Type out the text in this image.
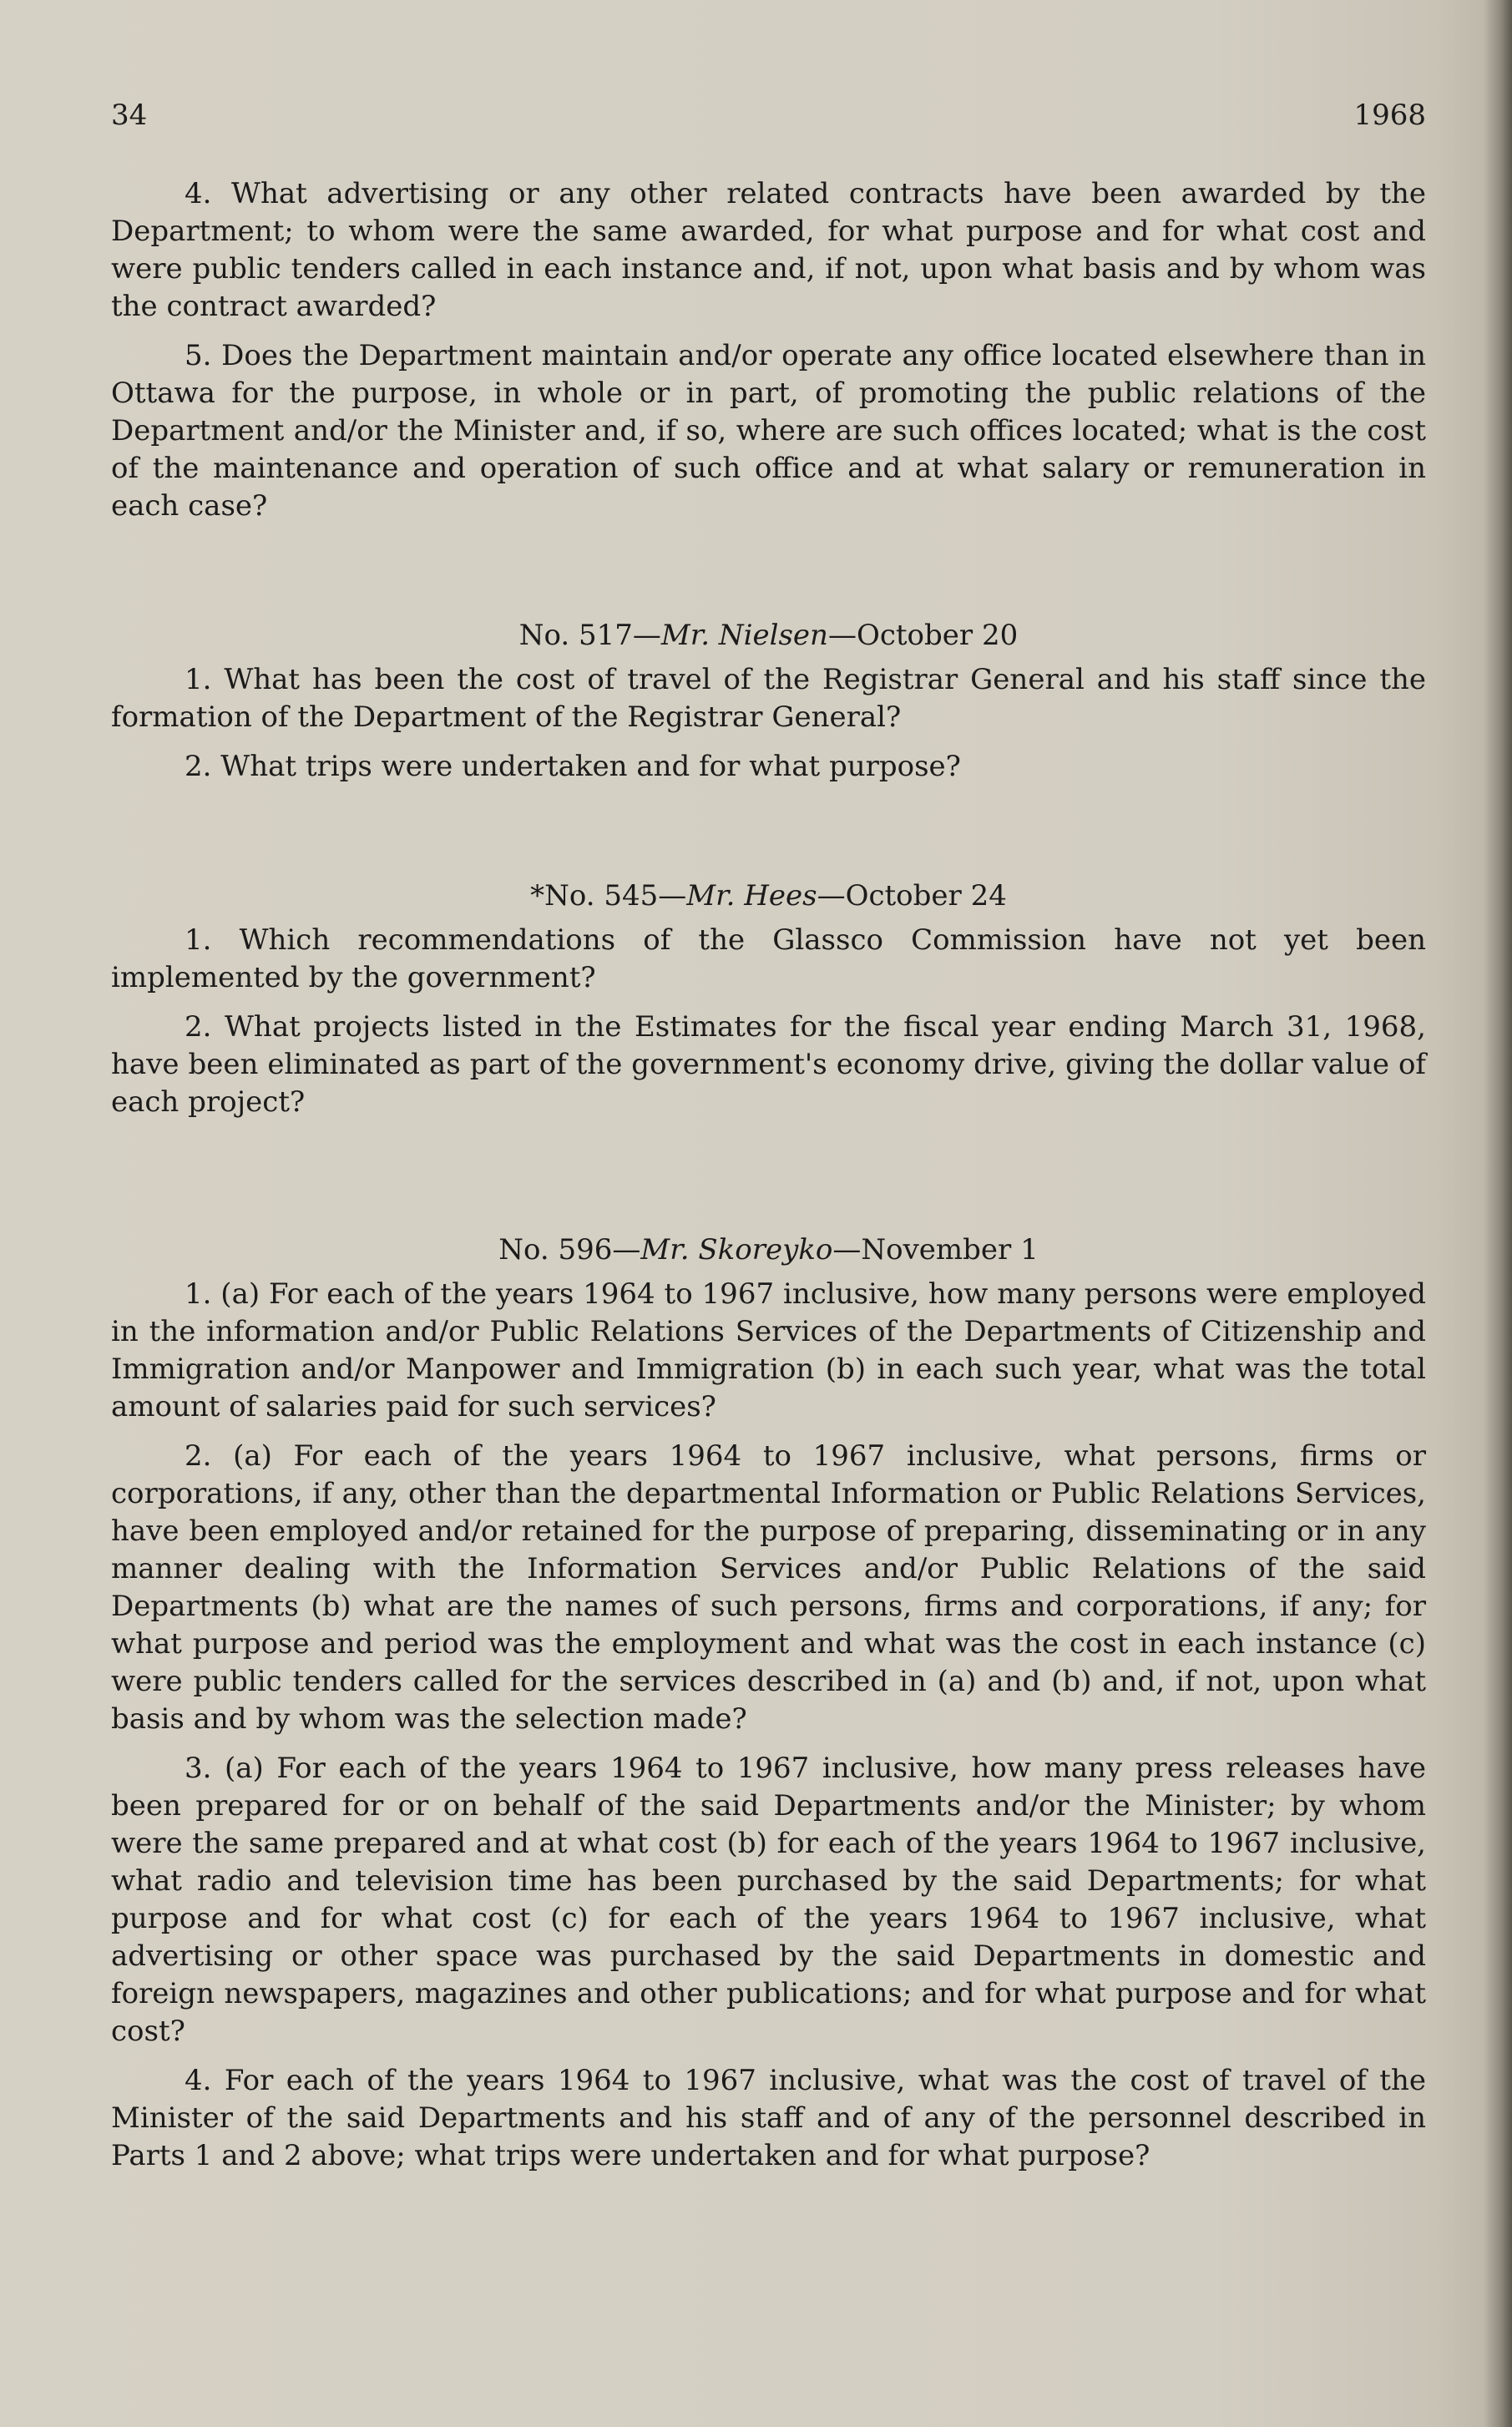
34	1968

4. What advertising or any other related contracts have been awarded by the Department; to whom were the same awarded, for what purpose and for what cost and were public tenders called in each instance and, if not, upon what basis and by whom was the contract awarded?

5. Does the Department maintain and/or operate any office located elsewhere than in Ottawa for the purpose, in whole or in part, of promoting the public relations of the Department and/or the Minister and, if so, where are such offices located; what is the cost of the maintenance and operation of such office and at what salary or remuneration in each case?

No. 517—Mr. Nielsen—October 20

1. What has been the cost of travel of the Registrar General and his staff since the formation of the Department of the Registrar General?

2. What trips were undertaken and for what purpose?

*No. 545—Mr. Hees—October 24

1. Which recommendations of the Glassco Commission have not yet been implemented by the government?

2. What projects listed in the Estimates for the fiscal year ending March 31, 1968, have been eliminated as part of the government's economy drive, giving the dollar value of each project?

No. 596—Mr. Skoreyko—November 1

1. (a) For each of the years 1964 to 1967 inclusive, how many persons were employed in the information and/or Public Relations Services of the Departments of Citizenship and Immigration and/or Manpower and Immigration (b) in each such year, what was the total amount of salaries paid for such services?

2. (a) For each of the years 1964 to 1967 inclusive, what persons, firms or corporations, if any, other than the departmental Information or Public Relations Services, have been employed and/or retained for the purpose of preparing, disseminating or in any manner dealing with the Information Services and/or Public Relations of the said Departments (b) what are the names of such persons, firms and corporations, if any; for what purpose and period was the employment and what was the cost in each instance (c) were public tenders called for the services described in (a) and (b) and, if not, upon what basis and by whom was the selection made?

3. (a) For each of the years 1964 to 1967 inclusive, how many press releases have been prepared for or on behalf of the said Departments and/or the Minister; by whom were the same prepared and at what cost (b) for each of the years 1964 to 1967 inclusive, what radio and television time has been purchased by the said Departments; for what purpose and for what cost (c) for each of the years 1964 to 1967 inclusive, what advertising or other space was purchased by the said Departments in domestic and foreign newspapers, magazines and other publications; and for what purpose and for what cost?

4. For each of the years 1964 to 1967 inclusive, what was the cost of travel of the Minister of the said Departments and his staff and of any of the personnel described in Parts 1 and 2 above; what trips were undertaken and for what purpose?
